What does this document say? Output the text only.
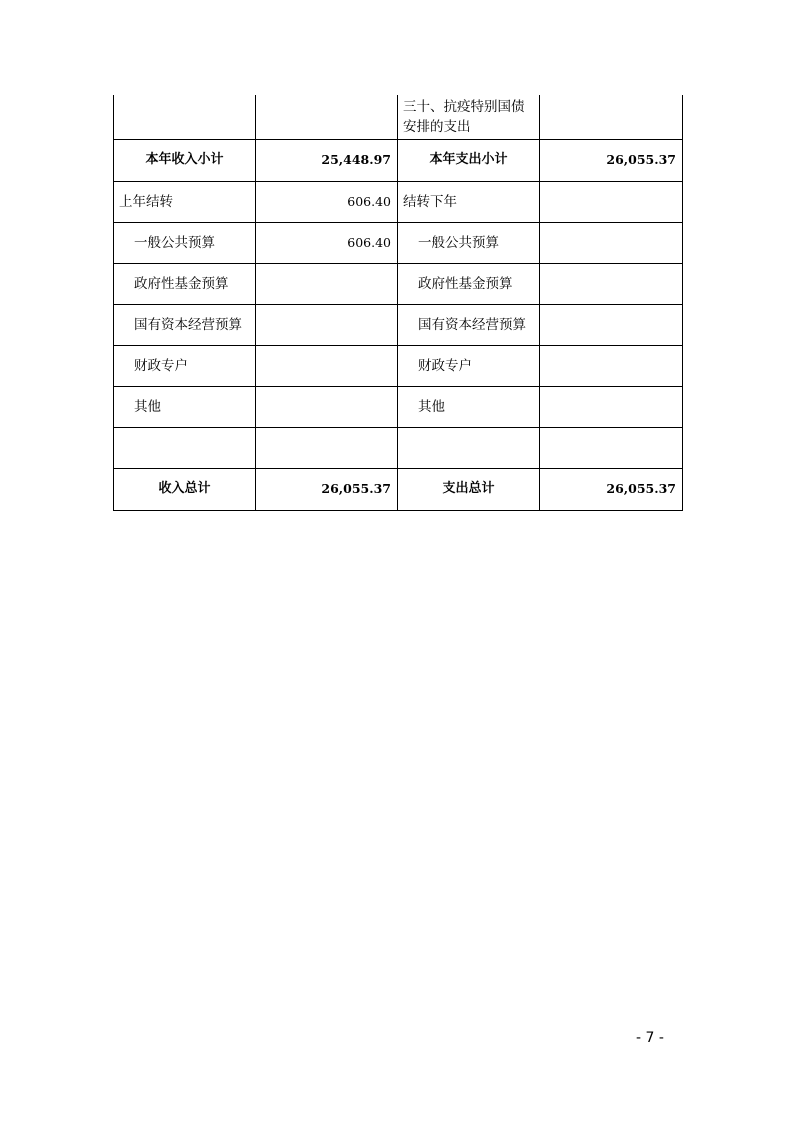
		三十、抗疫特别国债安排的支出	
本年收入小计	25,448.97	本年支出小计	26,055.37
上年结转	606.40	结转下年	
一般公共预算	606.40	一般公共预算	
政府性基金预算		政府性基金预算	
国有资本经营预算		国有资本经营预算	
财政专户		财政专户	
其他		其他	

收入总计	26,055.37	支出总计	26,055.37
- 7 -
